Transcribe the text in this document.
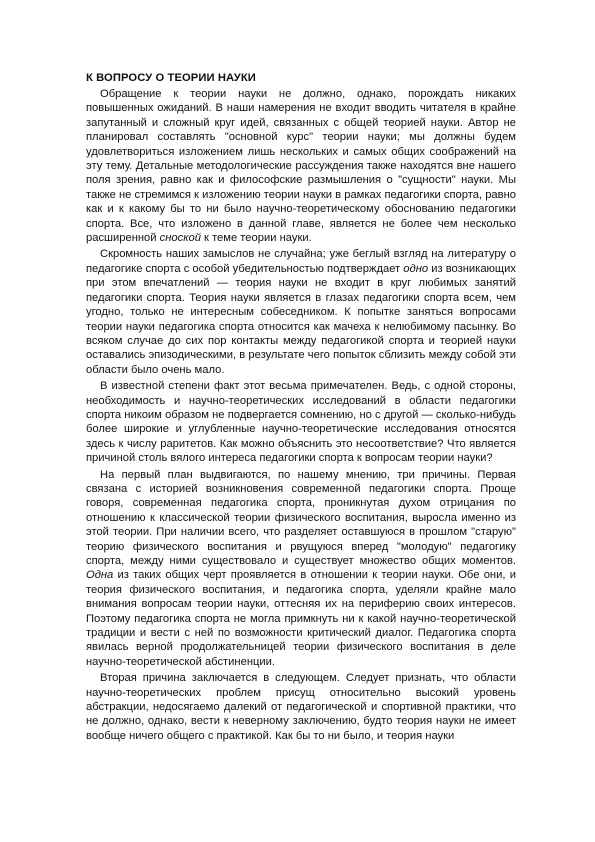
К ВОПРОСУ О ТЕОРИИ НАУКИ

Обращение к теории науки не должно, однако, порождать никаких повышенных ожиданий. В наши намерения не входит вводить читателя в крайне запутанный и сложный круг идей, связанных с общей теорией науки. Автор не планировал составлять "основной курс" теории науки; мы должны будем удовлетвориться изложением лишь нескольких и самых общих соображений на эту тему. Детальные методологические рассуждения также находятся вне нашего поля зрения, равно как и философские размышления о "сущности" науки. Мы также не стремимся к изложению теории науки в рамках педагогики спорта, равно как и к какому бы то ни было научно-теоретическому обоснованию педагогики спорта. Все, что изложено в данной главе, является не более чем несколько расширенной сноской к теме теории науки.

Скромность наших замыслов не случайна; уже беглый взгляд на литературу о педагогике спорта с особой убедительностью подтверждает одно из возникающих при этом впечатлений — теория науки не входит в круг любимых занятий педагогики спорта. Теория науки является в глазах педагогики спорта всем, чем угодно, только не интересным собеседником. К попытке заняться вопросами теории науки педагогика спорта относится как мачеха к нелюбимому пасынку. Во всяком случае до сих пор контакты между педагогикой спорта и теорией науки оставались эпизодическими, в результате чего попыток сблизить между собой эти области было очень мало.

В известной степени факт этот весьма примечателен. Ведь, с одной стороны, необходимость и научно-теоретических исследований в области педагогики спорта никоим образом не подвергается сомнению, но с другой — сколько-нибудь более широкие и углубленные научно-теоретические исследования относятся здесь к числу раритетов. Как можно объяснить это несоответствие? Что является причиной столь вялого интереса педагогики спорта к вопросам теории науки?

На первый план выдвигаются, по нашему мнению, три причины. Первая связана с историей возникновения современной педагогики спорта. Проще говоря, современная педагогика спорта, проникнутая духом отрицания по отношению к классической теории физического воспитания, выросла именно из этой теории. При наличии всего, что разделяет оставшуюся в прошлом "старую" теорию физического воспитания и рвущуюся вперед "молодую" педагогику спорта, между ними существовало и существует множество общих моментов. Одна из таких общих черт проявляется в отношении к теории науки. Обе они, и теория физического воспитания, и педагогика спорта, уделяли крайне мало внимания вопросам теории науки, оттесняя их на периферию своих интересов. Поэтому педагогика спорта не могла примкнуть ни к какой научно-теоретической традиции и вести с ней по возможности критический диалог. Педагогика спорта явилась верной продолжательницей теории физического воспитания в деле научно-теоретической абстиненции.

Вторая причина заключается в следующем. Следует признать, что области научно-теоретических проблем присущ относительно высокий уровень абстракции, недосягаемо далекий от педагогической и спортивной практики, что не должно, однако, вести к неверному заключению, будто теория науки не имеет вообще ничего общего с практикой. Как бы то ни было, и теория науки
